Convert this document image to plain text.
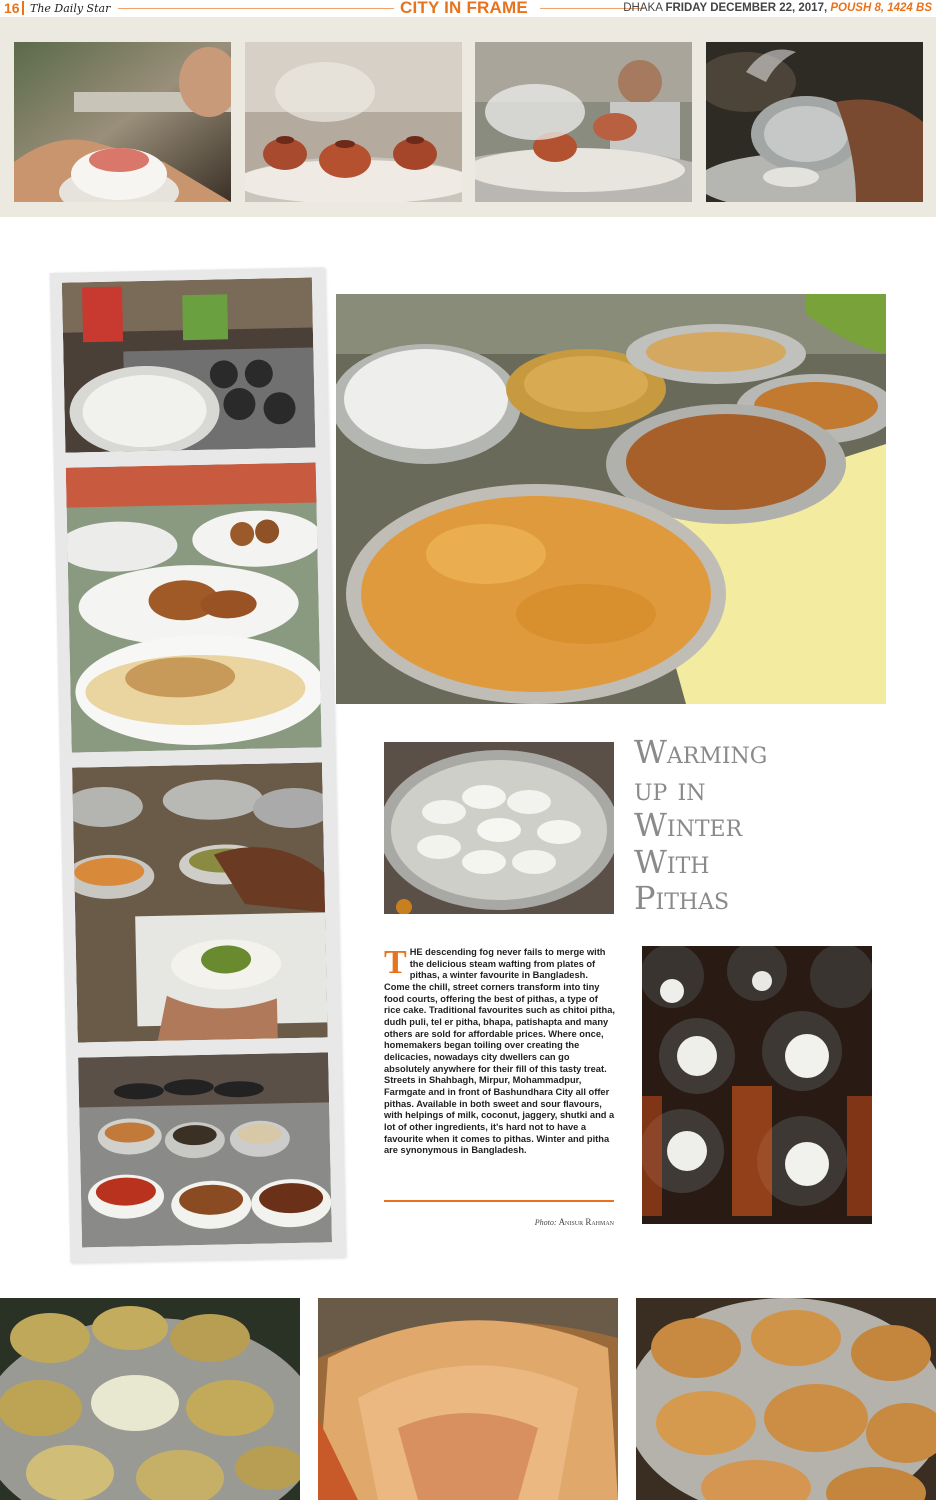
16 The Daily Star	CITY IN FRAME	DHAKA FRIDAY DECEMBER 22, 2017, POUSH 8, 1424 BS
Warming
up in
Winter
With
Pithas
THE descending fog never fails to merge with the delicious steam wafting from plates of pithas, a winter favourite in Bangladesh. Come the chill, street corners transform into tiny food courts, offering the best of pithas, a type of rice cake. Traditional favourites such as chitoi pitha, dudh puli, tel er pitha, bhapa, patishapta and many others are sold for affordable prices. Where once, homemakers began toiling over creating the delicacies, nowadays city dwellers can go absolutely anywhere for their fill of this tasty treat. Streets in Shahbagh, Mirpur, Mohammadpur, Farmgate and in front of Bashundhara City all offer pithas. Available in both sweet and sour flavours, with helpings of milk, coconut, jaggery, shutki and a lot of other ingredients, it's hard not to have a favourite when it comes to pithas. Winter and pitha are synonymous in Bangladesh.
Photo: Anisur Rahman
